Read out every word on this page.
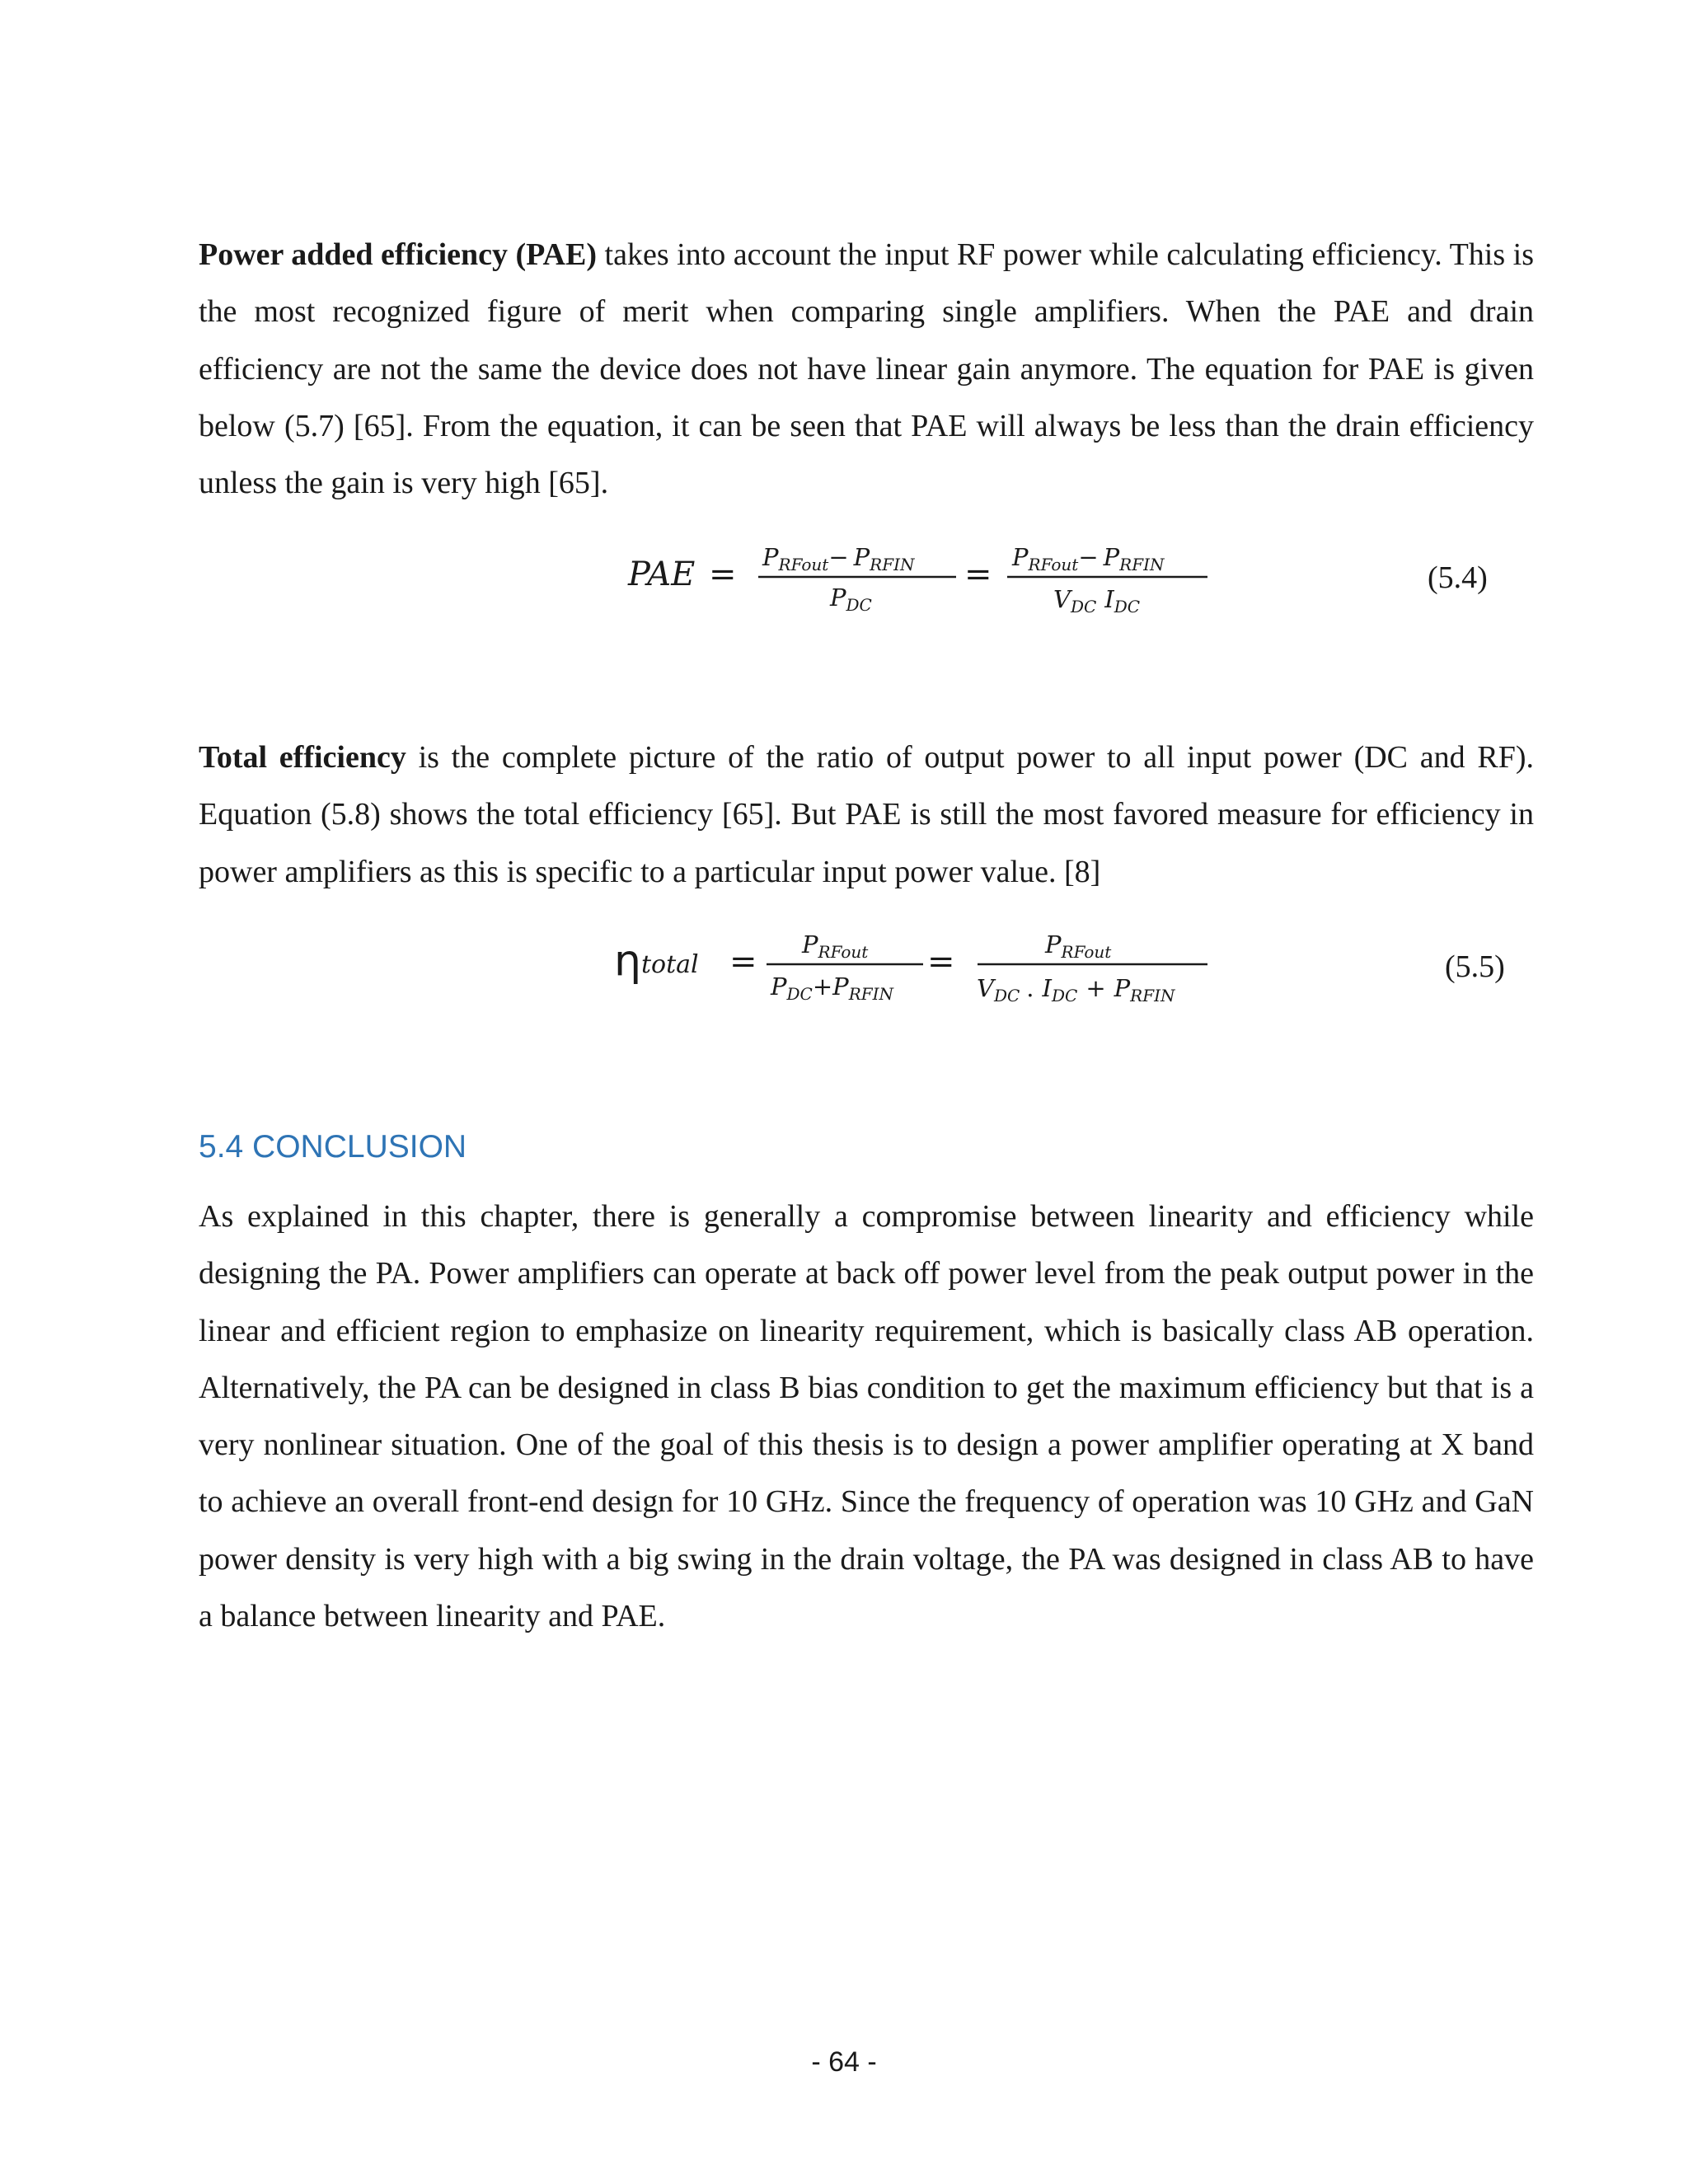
Power added efficiency (PAE) takes into account the input RF power while calculating efficiency. This is the most recognized figure of merit when comparing single amplifiers. When the PAE and drain efficiency are not the same the device does not have linear gain anymore. The equation for PAE is given below (5.7) [65]. From the equation, it can be seen that PAE will always be less than the drain efficiency unless the gain is very high [65].

PAE = $P_{RFout}- P_{RFIN}$
$P_{DC}$
= $P_{RFout}- P_{RFIN}$
$V_{DC}$ $I_{DC}$
(5.4)

Total efficiency is the complete picture of the ratio of output power to all input power (DC and RF). Equation (5.8) shows the total efficiency [65]. But PAE is still the most favored measure for efficiency in power amplifiers as this is specific to a particular input power value. [8]

ηtotal = $P_{RFout}$
$P_{DC}+P_{RFIN}$
=	$P_{RFout}$
$V_{DC}$ . $I_{DC} + P_{RFIN}$
(5.5)
5.4 CONCLUSION

As explained in this chapter, there is generally a compromise between linearity and efficiency while designing the PA. Power amplifiers can operate at back off power level from the peak output power in the linear and efficient region to emphasize on linearity requirement, which is basically class AB operation. Alternatively, the PA can be designed in class B bias condition to get the maximum efficiency but that is a very nonlinear situation. One of the goal of this thesis is to design a power amplifier operating at X band to achieve an overall front-end design for 10 GHz. Since the frequency of operation was 10 GHz and GaN power density is very high with a big swing in the drain voltage, the PA was designed in class AB to have a balance between linearity and PAE.

- 64 -
